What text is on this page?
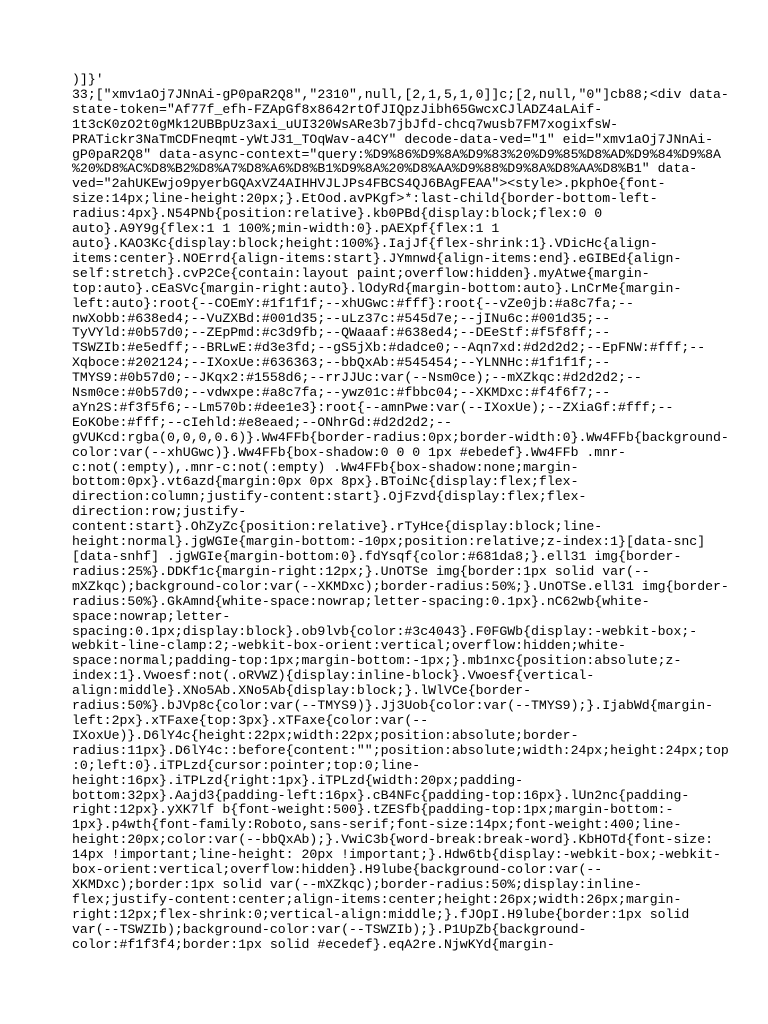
)]}'
33;["xmv1aOj7JNnAi-gP0paR2Q8","2310",null,[2,1,5,1,0]]c;[2,null,"0"]cb88;<div data-
state-token="Af77f_efh-FZApGf8x8642rtOfJIQpzJibh65GwcxCJlADZ4aLAif-
1t3cK0zO2t0gMk12UBBpUz3axi_uUI320WsARe3b7jbJfd-chcq7wusb7FM7xogixfsW-
PRATickr3NaTmCDFneqmt-yWtJ31_TOqWav-a4CY" decode-data-ved="1" eid="xmv1aOj7JNnAi-
gP0paR2Q8" data-async-context="query:%D9%86%D9%8A%D9%83%20%D9%85%D8%AD%D9%84%D9%8A
%20%D8%AC%D8%B2%D8%A7%D8%A6%D8%B1%D9%8A%20%D8%AA%D9%88%D9%8A%D8%AA%D8%B1" data-
ved="2ahUKEwjo9pyerbGQAxVZ4AIHHVJLJPs4FBCS4QJ6BAgFEAA"><style>.pkphOe{font-
size:14px;line-height:20px;}.EtOod.avPKgf>*:last-child{border-bottom-left-
radius:4px}.N54PNb{position:relative}.kb0PBd{display:block;flex:0 0
auto}.A9Y9g{flex:1 1 100%;min-width:0}.pAEXpf{flex:1 1
auto}.KAO3Kc{display:block;height:100%}.IajJf{flex-shrink:1}.VDicHc{align-
items:center}.NOErrd{align-items:start}.JYmnwd{align-items:end}.eGIBEd{align-
self:stretch}.cvP2Ce{contain:layout paint;overflow:hidden}.myAtwe{margin-
top:auto}.cEaSVc{margin-right:auto}.lOdyRd{margin-bottom:auto}.LnCrMe{margin-
left:auto}:root{--COEmY:#1f1f1f;--xhUGwc:#fff}:root{--vZe0jb:#a8c7fa;--
nwXobb:#638ed4;--VuZXBd:#001d35;--uLz37c:#545d7e;--jINu6c:#001d35;--
TyVYld:#0b57d0;--ZEpPmd:#c3d9fb;--QWaaaf:#638ed4;--DEeStf:#f5f8ff;--
TSWZIb:#e5edff;--BRLwE:#d3e3fd;--gS5jXb:#dadce0;--Aqn7xd:#d2d2d2;--EpFNW:#fff;--
Xqboce:#202124;--IXoxUe:#636363;--bbQxAb:#545454;--YLNNHc:#1f1f1f;--
TMYS9:#0b57d0;--JKqx2:#1558d6;--rrJJUc:var(--Nsm0ce);--mXZkqc:#d2d2d2;--
Nsm0ce:#0b57d0;--vdwxpe:#a8c7fa;--ywz01c:#fbbc04;--XKMDxc:#f4f6f7;--
aYn2S:#f3f5f6;--Lm570b:#dee1e3}:root{--amnPwe:var(--IXoxUe);--ZXiaGf:#fff;--
EoKObe:#fff;--cIehld:#e8eaed;--ONhrGd:#d2d2d2;--
gVUKcd:rgba(0,0,0,0.6)}.Ww4FFb{border-radius:0px;border-width:0}.Ww4FFb{background-
color:var(--xhUGwc)}.Ww4FFb{box-shadow:0 0 0 1px #ebedef}.Ww4FFb .mnr-
c:not(:empty),.mnr-c:not(:empty) .Ww4FFb{box-shadow:none;margin-
bottom:0px}.vt6azd{margin:0px 0px 8px}.BToiNc{display:flex;flex-
direction:column;justify-content:start}.OjFzvd{display:flex;flex-
direction:row;justify-
content:start}.OhZyZc{position:relative}.rTyHce{display:block;line-
height:normal}.jgWGIe{margin-bottom:-10px;position:relative;z-index:1}[data-snc]
[data-snhf] .jgWGIe{margin-bottom:0}.fdYsqf{color:#681da8;}.ell31 img{border-
radius:25%}.DDKf1c{margin-right:12px;}.UnOTSe img{border:1px solid var(--
mXZkqc);background-color:var(--XKMDxc);border-radius:50%;}.UnOTSe.ell31 img{border-
radius:50%}.GkAmnd{white-space:nowrap;letter-spacing:0.1px}.nC62wb{white-
space:nowrap;letter-
spacing:0.1px;display:block}.ob9lvb{color:#3c4043}.F0FGWb{display:-webkit-box;-
webkit-line-clamp:2;-webkit-box-orient:vertical;overflow:hidden;white-
space:normal;padding-top:1px;margin-bottom:-1px;}.mb1nxc{position:absolute;z-
index:1}.Vwoesf:not(.oRVWZ){display:inline-block}.Vwoesf{vertical-
align:middle}.XNo5Ab.XNo5Ab{display:block;}.lWlVCe{border-
radius:50%}.bJVp8c{color:var(--TMYS9)}.Jj3Uob{color:var(--TMYS9);}.IjabWd{margin-
left:2px}.xTFaxe{top:3px}.xTFaxe{color:var(--
IXoxUe)}.D6lY4c{height:22px;width:22px;position:absolute;border-
radius:11px}.D6lY4c::before{content:"";position:absolute;width:24px;height:24px;top
:0;left:0}.iTPLzd{cursor:pointer;top:0;line-
height:16px}.iTPLzd{right:1px}.iTPLzd{width:20px;padding-
bottom:32px}.Aajd3{padding-left:16px}.cB4NFc{padding-top:16px}.lUn2nc{padding-
right:12px}.yXK7lf b{font-weight:500}.tZESfb{padding-top:1px;margin-bottom:-
1px}.p4wth{font-family:Roboto,sans-serif;font-size:14px;font-weight:400;line-
height:20px;color:var(--bbQxAb);}.VwiC3b{word-break:break-word}.KbHOTd{font-size:
14px !important;line-height: 20px !important;}.Hdw6tb{display:-webkit-box;-webkit-
box-orient:vertical;overflow:hidden}.H9lube{background-color:var(--
XKMDxc);border:1px solid var(--mXZkqc);border-radius:50%;display:inline-
flex;justify-content:center;align-items:center;height:26px;width:26px;margin-
right:12px;flex-shrink:0;vertical-align:middle;}.fJOpI.H9lube{border:1px solid
var(--TSWZIb);background-color:var(--TSWZIb);}.P1UpZb{background-
color:#f1f3f4;border:1px solid #ecedef}.eqA2re.NjwKYd{margin-
